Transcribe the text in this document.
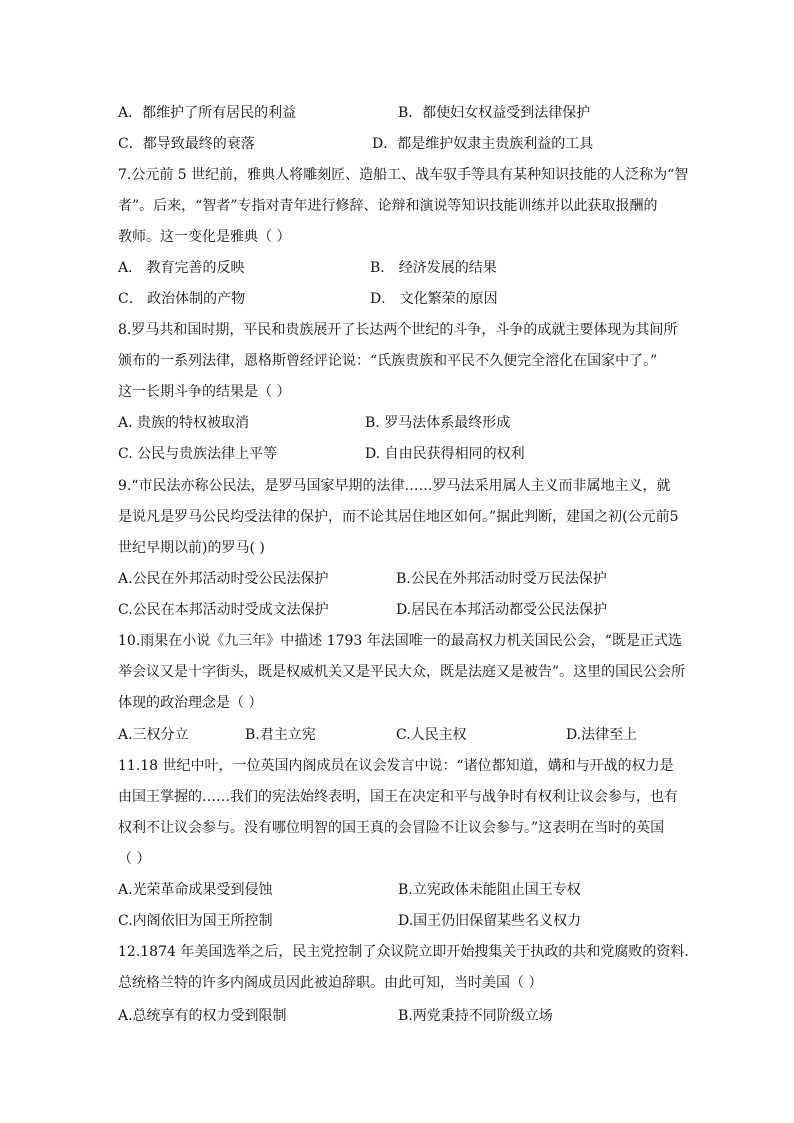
A．都维护了所有居民的利益	B．都使妇女权益受到法律保护
C．都导致最终的衰落	D．都是维护奴隶主贵族利益的工具
7.公元前 5 世纪前，雅典人将雕刻匠、造船工、战车驭手等具有某种知识技能的人泛称为“智
者”。后来，“智者”专指对青年进行修辞、论辩和演说等知识技能训练并以此获取报酬的
教师。这一变化是雅典（ ）
A． 教育完善的反映	B． 经济发展的结果
C． 政治体制的产物	D． 文化繁荣的原因
8.罗马共和国时期，平民和贵族展开了长达两个世纪的斗争，斗争的成就主要体现为其间所
颁布的一系列法律，恩格斯曾经评论说：“氏族贵族和平民不久便完全溶化在国家中了。”
这一长期斗争的结果是（ ）
A. 贵族的特权被取消	B. 罗马法体系最终形成
C. 公民与贵族法律上平等	D. 自由民获得相同的权利
9.“市民法亦称公民法，是罗马国家早期的法律……罗马法采用属人主义而非属地主义，就
是说凡是罗马公民均受法律的保护，而不论其居住地区如何。”据此判断，建国之初(公元前5
世纪早期以前)的罗马( )
A.公民在外邦活动时受公民法保护	B.公民在外邦活动时受万民法保护
C.公民在本邦活动时受成文法保护	D.居民在本邦活动都受公民法保护
10.雨果在小说《九三年》中描述 1793 年法国唯一的最高权力机关国民公会，“既是正式选
举会议又是十字街头，既是权威机关又是平民大众，既是法庭又是被告”。这里的国民公会所
体现的政治理念是（ ）
A.三权分立	B.君主立宪	C.人民主权	D.法律至上
11.18 世纪中叶，一位英国内阁成员在议会发言中说：“诸位都知道，媾和与开战的权力是
由国王掌握的……我们的宪法始终表明，国王在决定和平与战争时有权利让议会参与，也有
权利不让议会参与。没有哪位明智的国王真的会冒险不让议会参与。”这表明在当时的英国
（ ）
A.光荣革命成果受到侵蚀	B.立宪政体未能阻止国王专权
C.内阁依旧为国王所控制	D.国王仍旧保留某些名义权力
12.1874 年美国选举之后，民主党控制了众议院立即开始搜集关于执政的共和党腐败的资料.
总统格兰特的许多内阁成员因此被迫辞职。由此可知，当时美国（ ）
A.总统享有的权力受到限制	B.两党秉持不同阶级立场
